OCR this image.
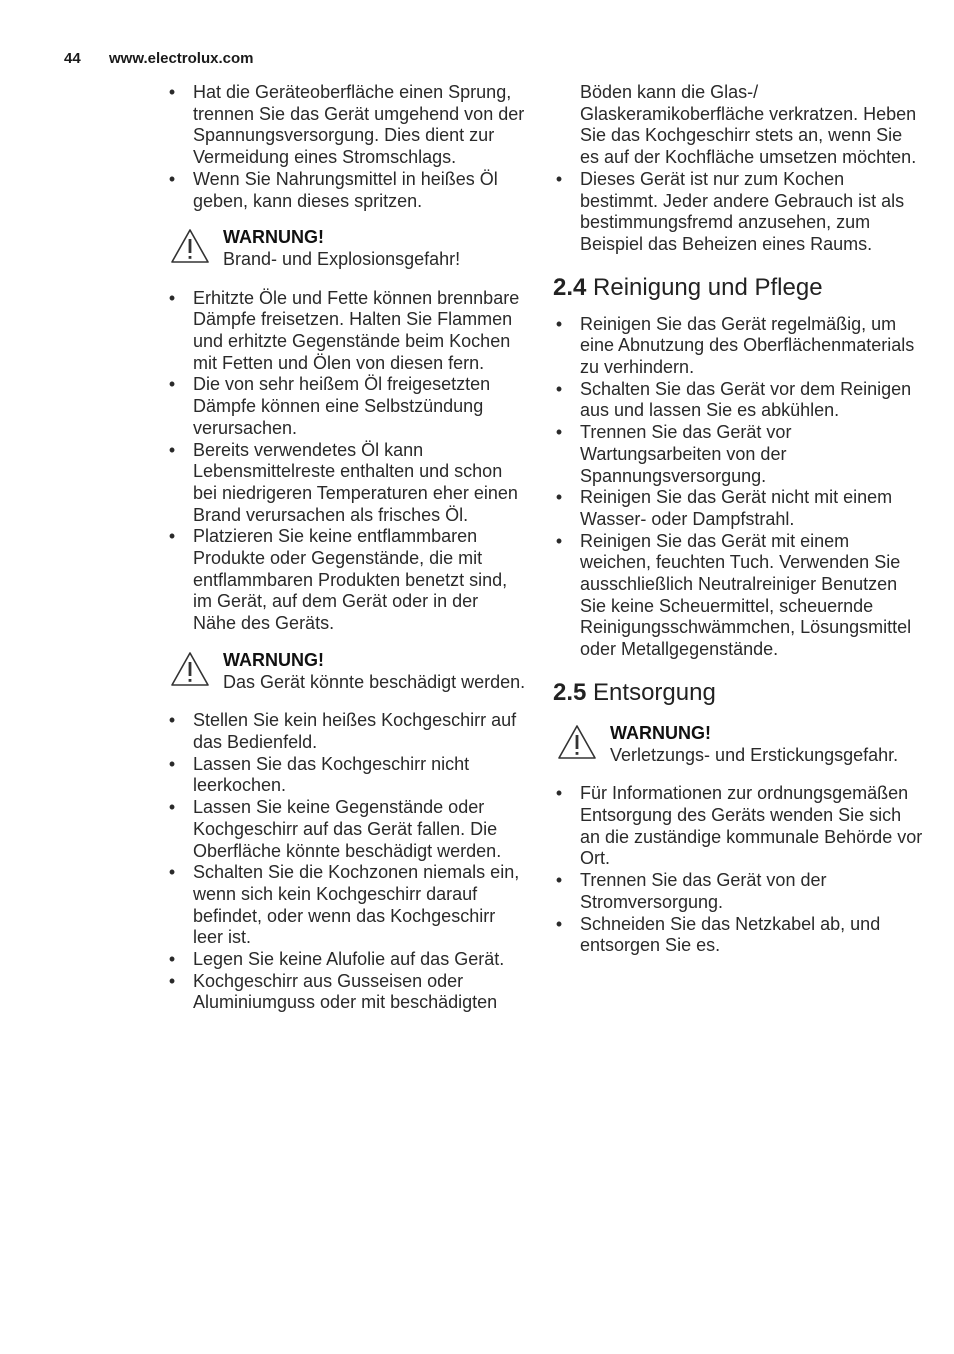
44 www.electrolux.com
• Hat die Geräteoberfläche einen Sprung, trennen Sie das Gerät umgehend von der Spannungsversorgung. Dies dient zur Vermeidung eines Stromschlags.
• Wenn Sie Nahrungsmittel in heißes Öl geben, kann dieses spritzen.
WARNUNG!
Brand- und Explosionsgefahr!
• Erhitzte Öle und Fette können brennbare Dämpfe freisetzen. Halten Sie Flammen und erhitzte Gegenstände beim Kochen mit Fetten und Ölen von diesen fern.
• Die von sehr heißem Öl freigesetzten Dämpfe können eine Selbstzündung verursachen.
• Bereits verwendetes Öl kann Lebensmittelreste enthalten und schon bei niedrigeren Temperaturen eher einen Brand verursachen als frisches Öl.
• Platzieren Sie keine entflammbaren Produkte oder Gegenstände, die mit entflammbaren Produkten benetzt sind, im Gerät, auf dem Gerät oder in der Nähe des Geräts.
WARNUNG!
Das Gerät könnte beschädigt werden.
• Stellen Sie kein heißes Kochgeschirr auf das Bedienfeld.
• Lassen Sie das Kochgeschirr nicht leerkochen.
• Lassen Sie keine Gegenstände oder Kochgeschirr auf das Gerät fallen. Die Oberfläche könnte beschädigt werden.
• Schalten Sie die Kochzonen niemals ein, wenn sich kein Kochgeschirr darauf befindet, oder wenn das Kochgeschirr leer ist.
• Legen Sie keine Alufolie auf das Gerät.
• Kochgeschirr aus Gusseisen oder Aluminiumguss oder mit beschädigten
Böden kann die Glas-/ Glaskeramikoberfläche verkratzen. Heben Sie das Kochgeschirr stets an, wenn Sie es auf der Kochfläche umsetzen möchten.
• Dieses Gerät ist nur zum Kochen bestimmt. Jeder andere Gebrauch ist als bestimmungsfremd anzusehen, zum Beispiel das Beheizen eines Raums.
2.4 Reinigung und Pflege
• Reinigen Sie das Gerät regelmäßig, um eine Abnutzung des Oberflächenmaterials zu verhindern.
• Schalten Sie das Gerät vor dem Reinigen aus und lassen Sie es abkühlen.
• Trennen Sie das Gerät vor Wartungsarbeiten von der Spannungsversorgung.
• Reinigen Sie das Gerät nicht mit einem Wasser- oder Dampfstrahl.
• Reinigen Sie das Gerät mit einem weichen, feuchten Tuch. Verwenden Sie ausschließlich Neutralreiniger Benutzen Sie keine Scheuermittel, scheuernde Reinigungsschwämmchen, Lösungsmittel oder Metallgegenstände.
2.5 Entsorgung
WARNUNG!
Verletzungs- und Erstickungsgefahr.
• Für Informationen zur ordnungsgemäßen Entsorgung des Geräts wenden Sie sich an die zuständige kommunale Behörde vor Ort.
• Trennen Sie das Gerät von der Stromversorgung.
• Schneiden Sie das Netzkabel ab, und entsorgen Sie es.
